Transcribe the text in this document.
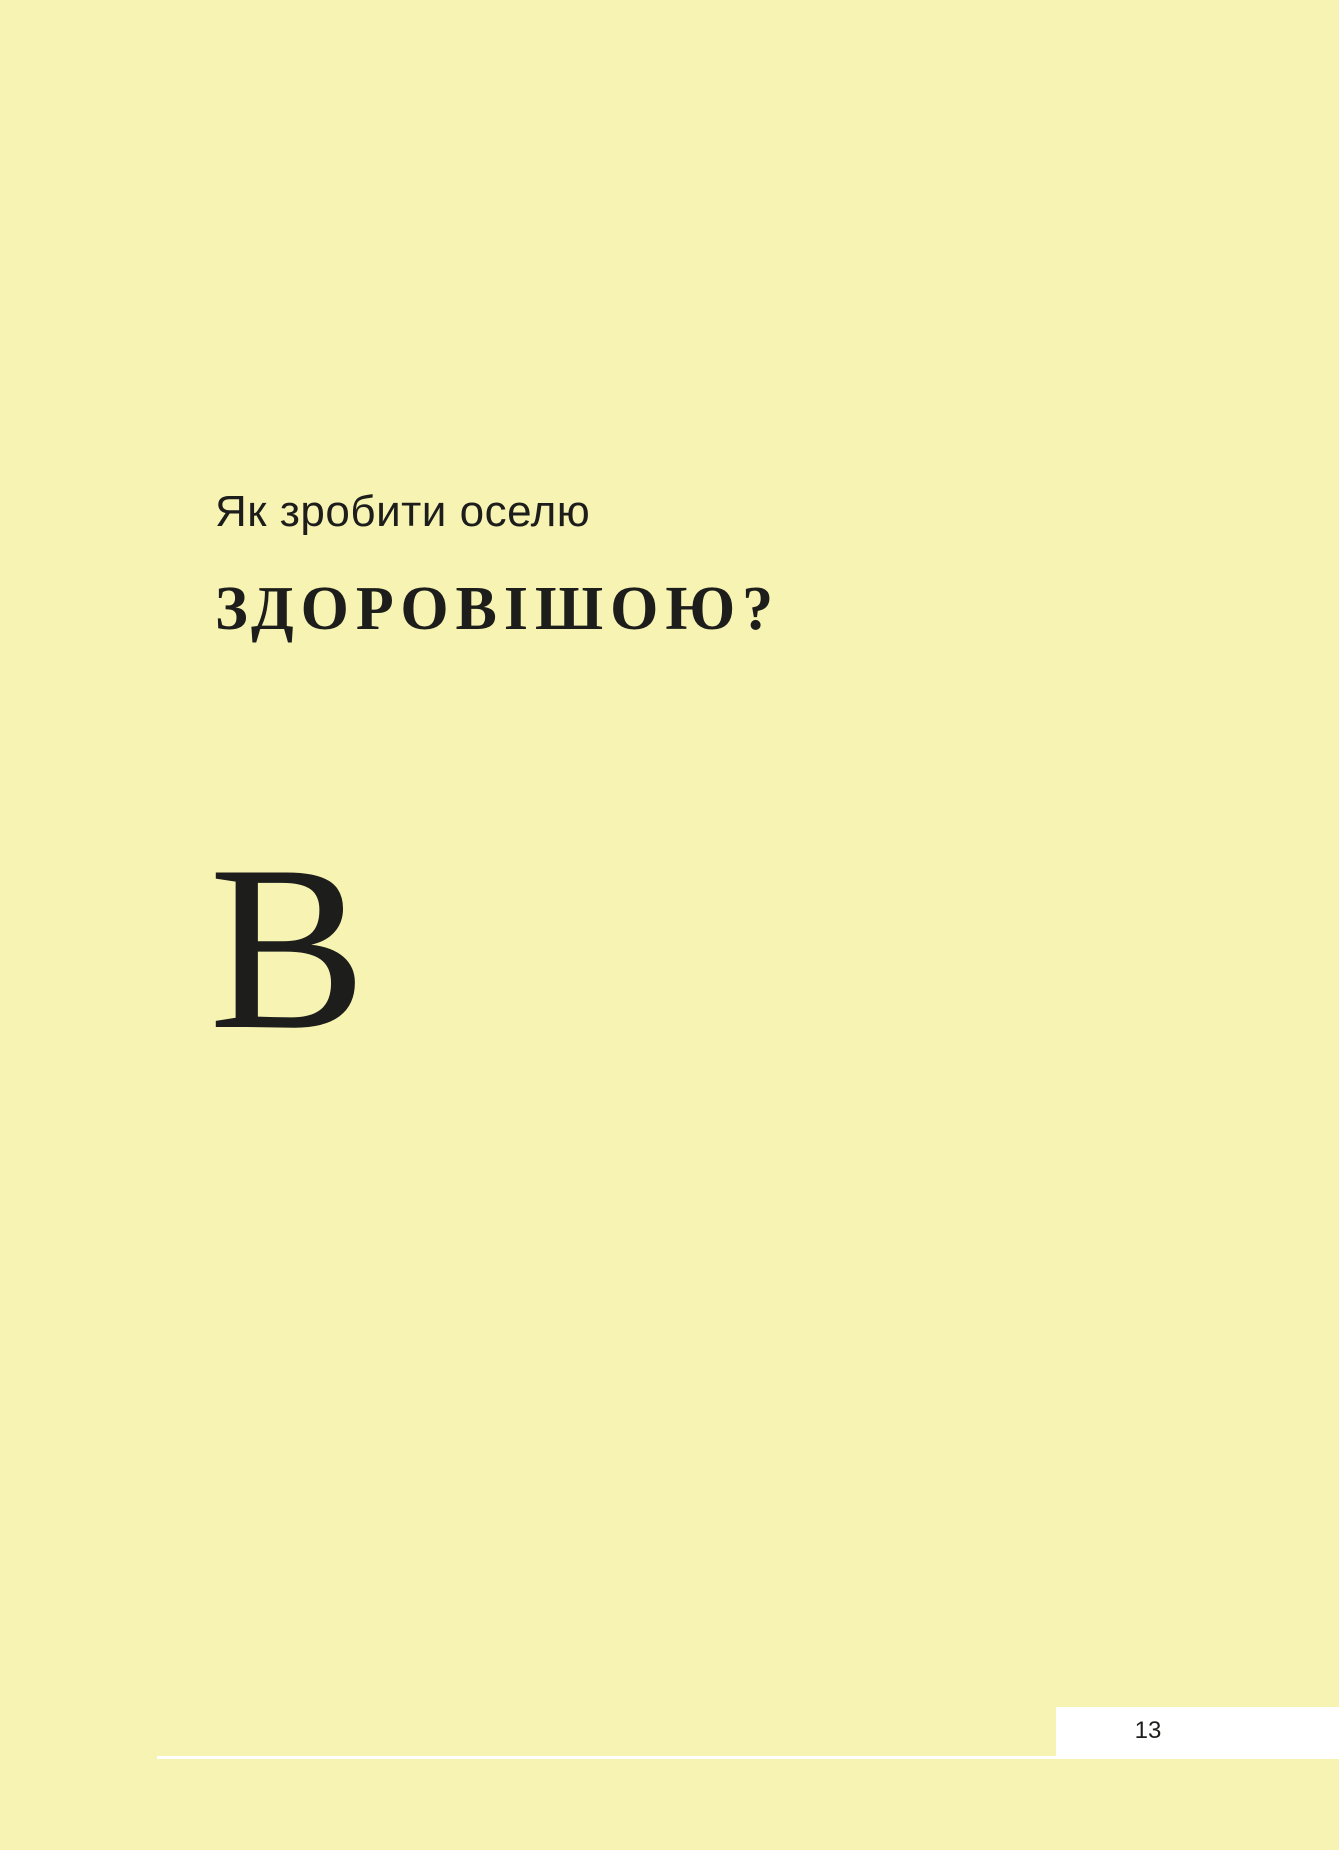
Як зробити оселю
ЗДОРОВІШОЮ?
В

13
